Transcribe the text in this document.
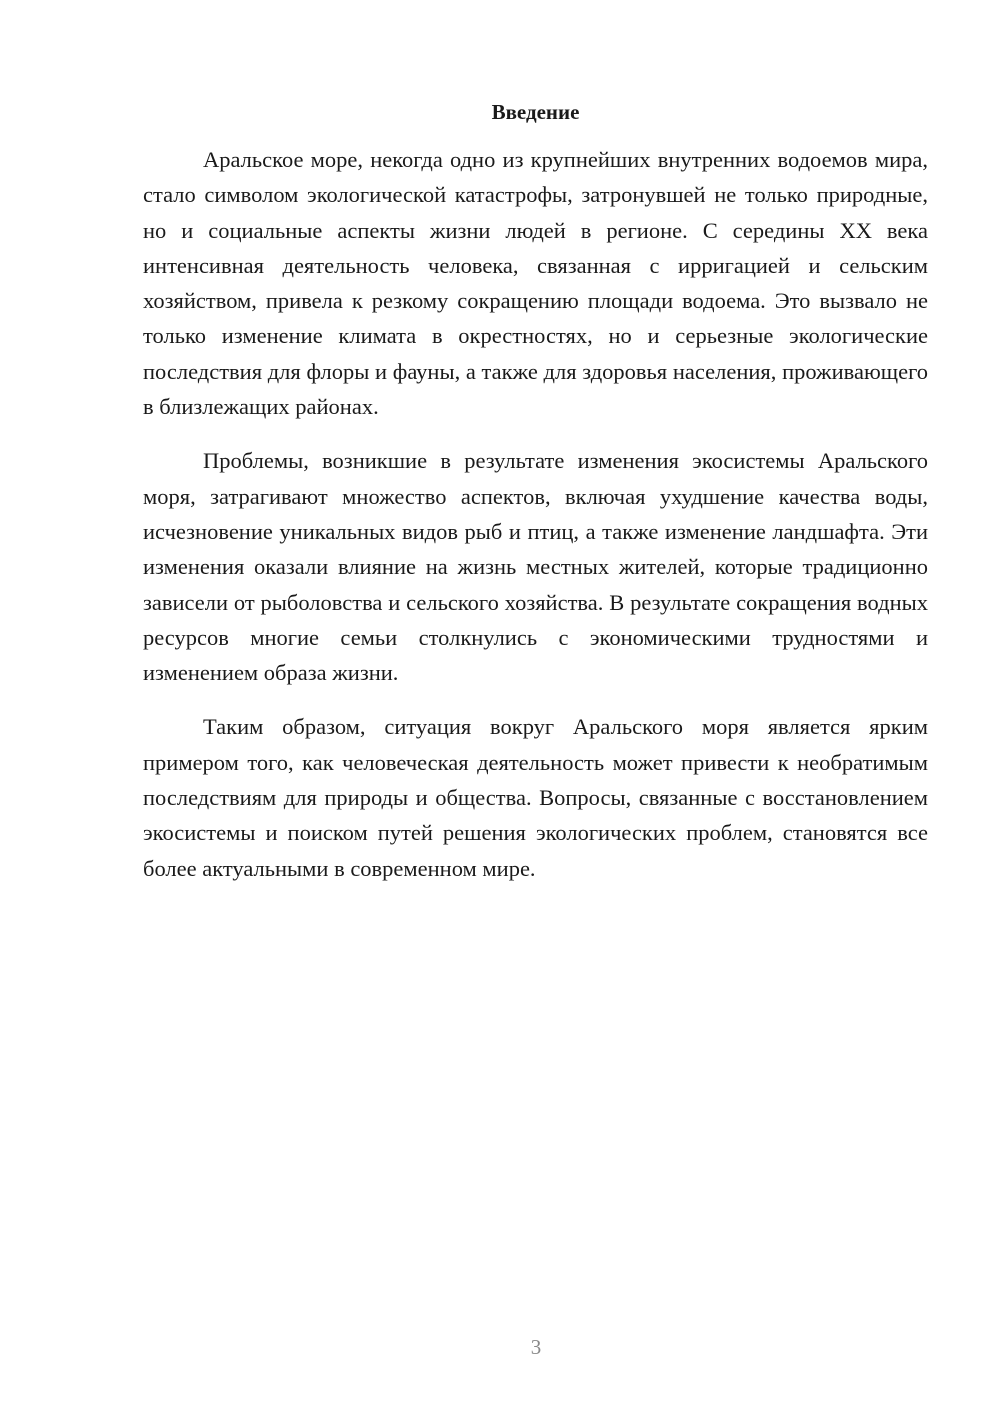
Введение

Аральское море, некогда одно из крупнейших внутренних водоемов мира, стало символом экологической катастрофы, затронувшей не только природные, но и социальные аспекты жизни людей в регионе. С середины XX века интенсивная деятельность человека, связанная с ирригацией и сельским хозяйством, привела к резкому сокращению площади водоема. Это вызвало не только изменение климата в окрестностях, но и серьезные экологические последствия для флоры и фауны, а также для здоровья населения, проживающего в близлежащих районах.

Проблемы, возникшие в результате изменения экосистемы Аральского моря, затрагивают множество аспектов, включая ухудшение качества воды, исчезновение уникальных видов рыб и птиц, а также изменение ландшафта. Эти изменения оказали влияние на жизнь местных жителей, которые традиционно зависели от рыболовства и сельского хозяйства. В результате сокращения водных ресурсов многие семьи столкнулись с экономическими трудностями и изменением образа жизни.

Таким образом, ситуация вокруг Аральского моря является ярким примером того, как человеческая деятельность может привести к необратимым последствиям для природы и общества. Вопросы, связанные с восстановлением экосистемы и поиском путей решения экологических проблем, становятся все более актуальными в современном мире.

3
